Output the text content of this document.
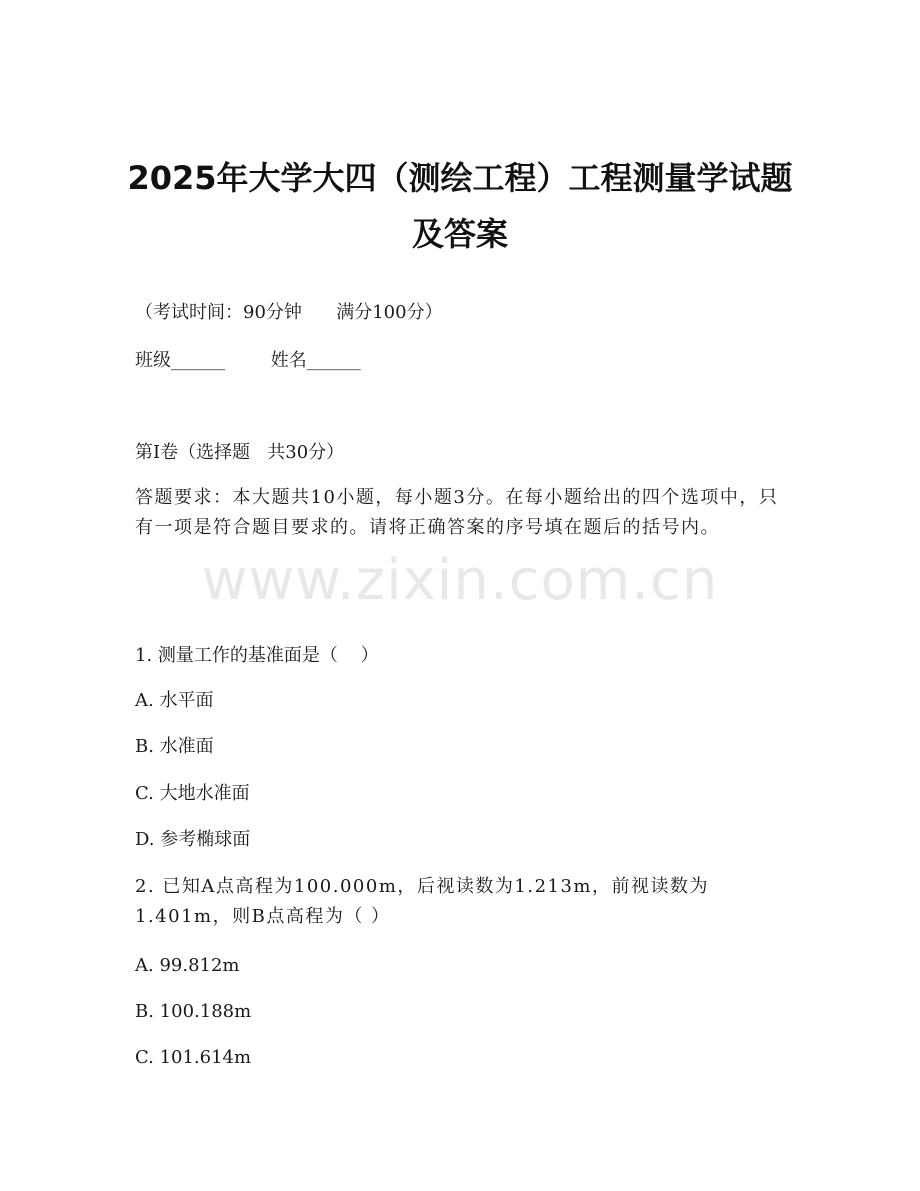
2025年大学大四（测绘工程）工程测量学试题及答案
（考试时间：90分钟      满分100分）
班级______        姓名______
第I卷（选择题   共30分）
答题要求：本大题共10小题，每小题3分。在每小题给出的四个选项中，只有一项是符合题目要求的。请将正确答案的序号填在题后的括号内。
www.zixin.com.cn
1. 测量工作的基准面是（    ）
A. 水平面
B. 水准面
C. 大地水准面
D. 参考椭球面
2. 已知A点高程为100.000m，后视读数为1.213m，前视读数为1.401m，则B点高程为（ ）
A. 99.812m
B. 100.188m
C. 101.614m
